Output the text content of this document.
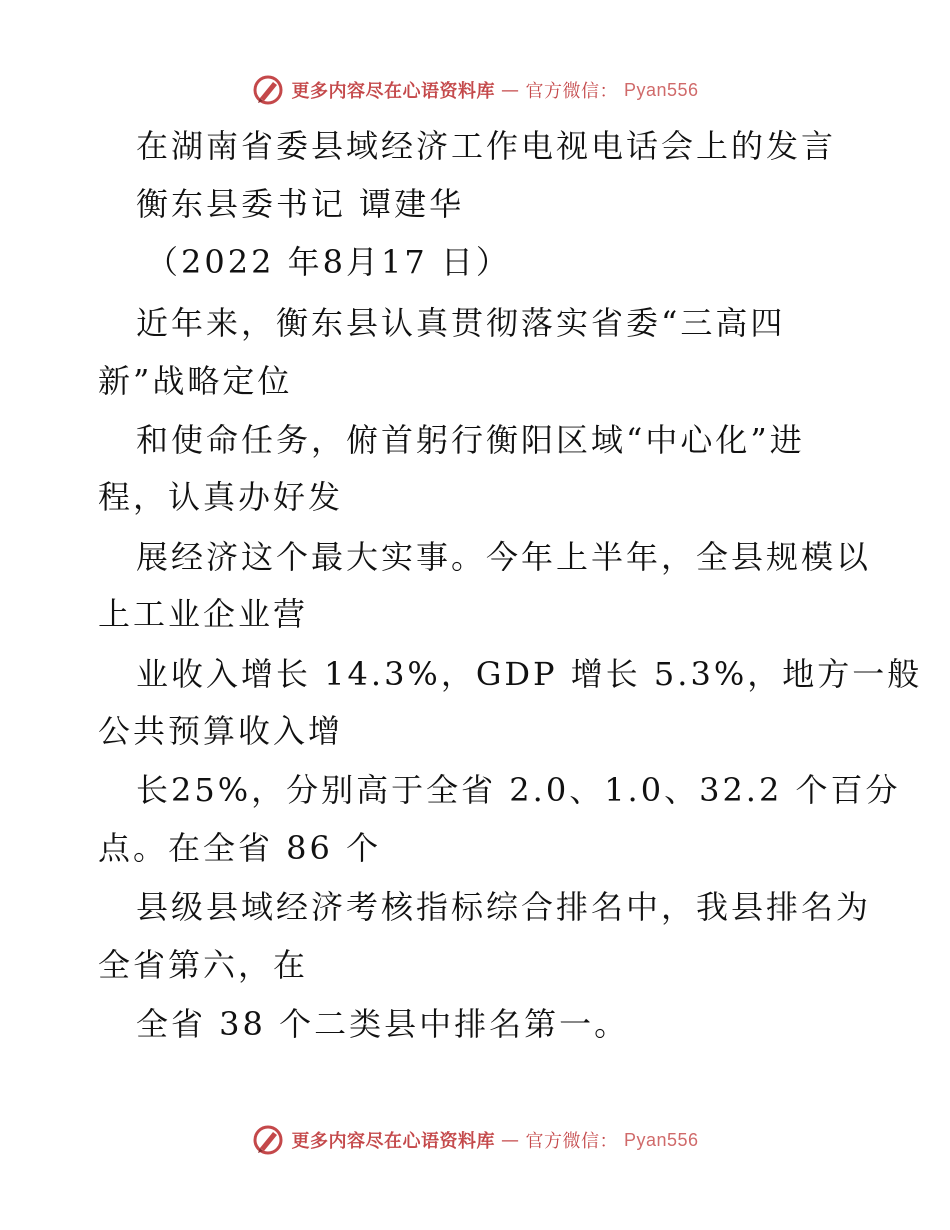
更多内容尽在心语资料库 — 官方微信： Pyan556
在湖南省委县域经济工作电视电话会上的发言
衡东县委书记 谭建华
（2022 年8月17 日）
近年来，衡东县认真贯彻落实省委“三高四
新”战略定位
和使命任务，俯首躬行衡阳区域“中心化”进
程，认真办好发
展经济这个最大实事。今年上半年，全县规模以
上工业企业营
业收入增长 14.3%，GDP 增长 5.3%，地方一般
公共预算收入增
长25%，分别高于全省 2.0、1.0、32.2 个百分
点。在全省 86 个
县级县域经济考核指标综合排名中，我县排名为
全省第六，在
全省 38 个二类县中排名第一。
更多内容尽在心语资料库 — 官方微信： Pyan556
